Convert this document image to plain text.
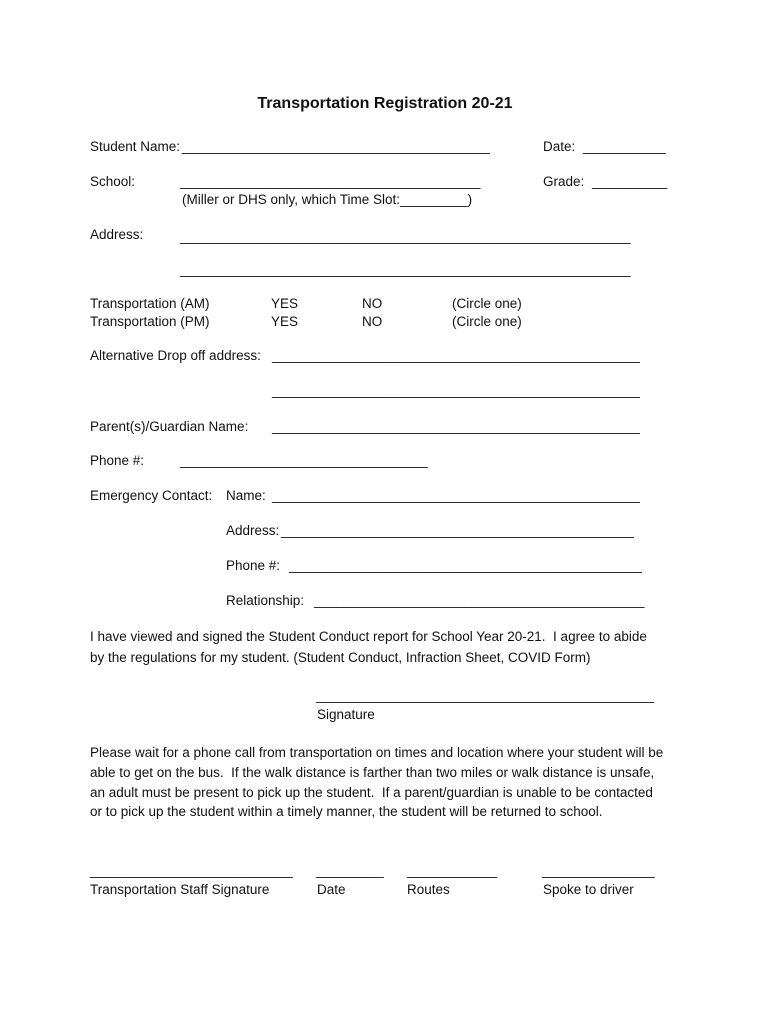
Transportation Registration 20-21
Student Name: _________________________________________	Date: ___________
School:	________________________________________	Grade: __________
(Miller or DHS only, which Time Slot:_________)
Address:	____________________________________________________________
____________________________________________________________
Transportation (AM)	YES	NO	(Circle one)
Transportation (PM)	YES	NO	(Circle one)
Alternative Drop off address: _________________________________________________
_________________________________________________
Parent(s)/Guardian Name: _________________________________________________
Phone #:	_________________________________
Emergency Contact: Name: _________________________________________________
Address: _______________________________________________
Phone #: _______________________________________________
Relationship: ____________________________________________
I have viewed and signed the Student Conduct report for School Year 20-21.  I agree to abide
by the regulations for my student. (Student Conduct, Infraction Sheet, COVID Form)
_____________________________________________
Signature
Please wait for a phone call from transportation on times and location where your student will be
able to get on the bus.  If the walk distance is farther than two miles or walk distance is unsafe,
an adult must be present to pick up the student.  If a parent/guardian is unable to be contacted
or to pick up the student within a timely manner, the student will be returned to school.
___________________________ _________ ____________	_______________
Transportation Staff Signature	Date	Routes	Spoke to driver
